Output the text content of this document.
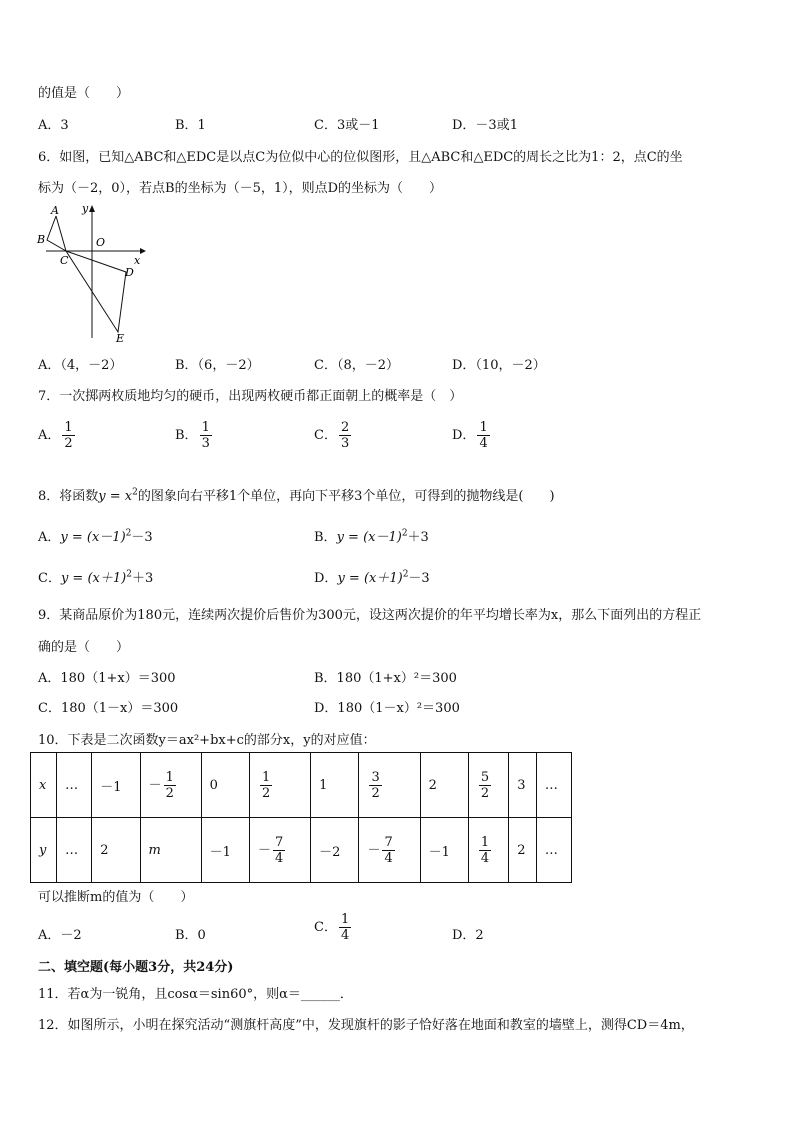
的值是（　　）
A．3	B．1	C．3或－1	D．－3或1
6．如图，已知△ABC和△EDC是以点C为位似中心的位似图形，且△ABC和△EDC的周长之比为1：2，点C的坐
标为（－2，0），若点B的坐标为（－5，1），则点D的坐标为（　　）
A
B
C
O
D
E
x
y
A．（4，－2）	B．（6，－2）	C．（8，－2）	D．（10，－2）
7．一次掷两枚质地均匀的硬币，出现两枚硬币都正面朝上的概率是（　）
A． $\frac{1}{2}$	B． $\frac{1}{3}$	C． $\frac{2}{3}$	D． $\frac{1}{4}$
8．将函数$y = x^2$的图象向右平移1个单位，再向下平移3个单位，可得到的抛物线是(　　)
A．$y = (x-1)^2-3$	B．$y = (x-1)^2+3$
C．$y = (x+1)^2+3$	D．$y = (x+1)^2-3$
9．某商品原价为180元，连续两次提价后售价为300元，设这两次提价的年平均增长率为x，那么下面列出的方程正
确的是（　　）
A．180（1+x）＝300	B．180（1+x）²＝300
C．180（1－x）＝300	D．180（1－x）²＝300
10．下表是二次函数y＝ax²+bx+c的部分x，y的对应值：
x	…	－1	－ $\frac{1}{2}$	0	$\frac{1}{2}$	1	$\frac{3}{2}$	2	$\frac{5}{2}$	3	…
y	…	2	m	－1	－ $\frac{7}{4}$	－2	－ $\frac{7}{4}$	－1	$\frac{1}{4}$	2	…
可以推断m的值为（　　）
A．－2	B．0
C． $\frac{1}{4}$	D．2
二、填空题(每小题3分，共24分)
11．若α为一锐角，且cosα＝sin60°，则α＝______．
12．如图所示，小明在探究活动“测旗杆高度”中，发现旗杆的影子恰好落在地面和教室的墙壁上，测得CD＝4m，
